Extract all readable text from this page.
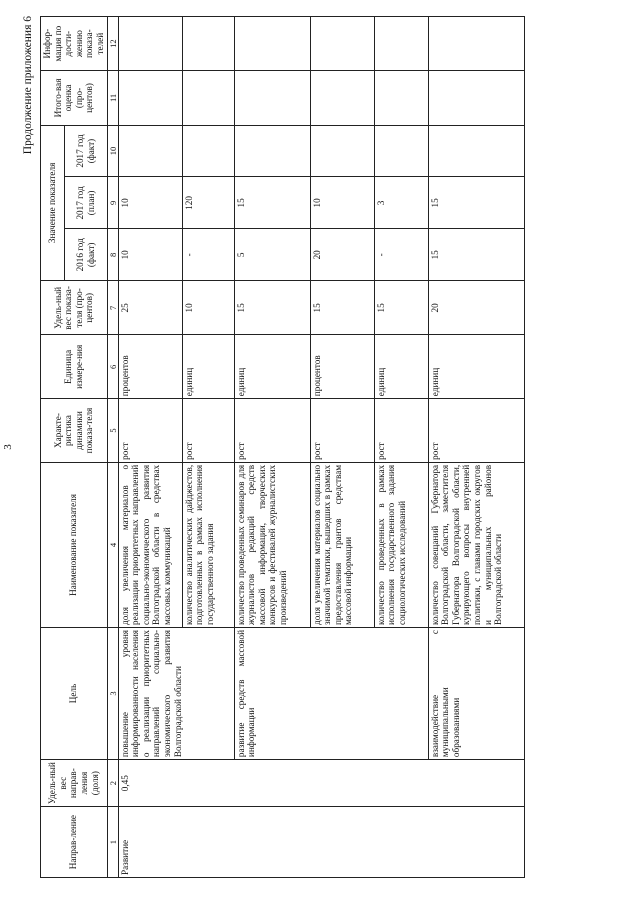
3
Продолжение приложения 6
Направ-ление	Удель-ный вес направ-ления (доля)	Цель	Наименование показателя	Характе-ристика динамики показа-теля	Единица измере-ния	Удель-ный вес показа-теля (про-центов)	Значение показателя			Итого-вая оценка (про-центов)	Инфор-мация по дости-жению показа-телей
							2016 год (факт)	2017 год (план)	2017 год (факт)		
1	2	3	4	5	6	7	8	9	10	11	12
Развитие	0,45	повышение уровня информированности населения о реализации приоритетных направлений социально-экономического развития Волгоградской области	доля увеличения материалов о реализации приоритетных направлений социально-экономического развития Волгоградской области в средствах массовых коммуникаций	рост	процентов	25	10	10			
			количество аналитических дайджестов, подготовленных в рамках исполнения государственного задания	рост	единиц	10	-	120			
		развитие средств массовой информации	количество проведенных семинаров для журналистов редакций средств массовой информации, творческих конкурсов и фестивалей журналистских произведений	рост	единиц	15	5	15			
			доля увеличения материалов социально значимой тематики, вышедших в рамках предоставления грантов средствам массовой информации	рост	процентов	15	20	10			
			количество проведенных в рамках исполнения государственного задания социологических исследований	рост	единиц	15	-	3			
		взаимодействие с муниципальными образованиями	количество совещаний Губернатора Волгоградской области, заместителя Губернатора Волгоградской области, курирующего вопросы внутренней политики, с главами городских округов и муниципальных районов Волгоградской области	рост	единиц	20	15	15			
